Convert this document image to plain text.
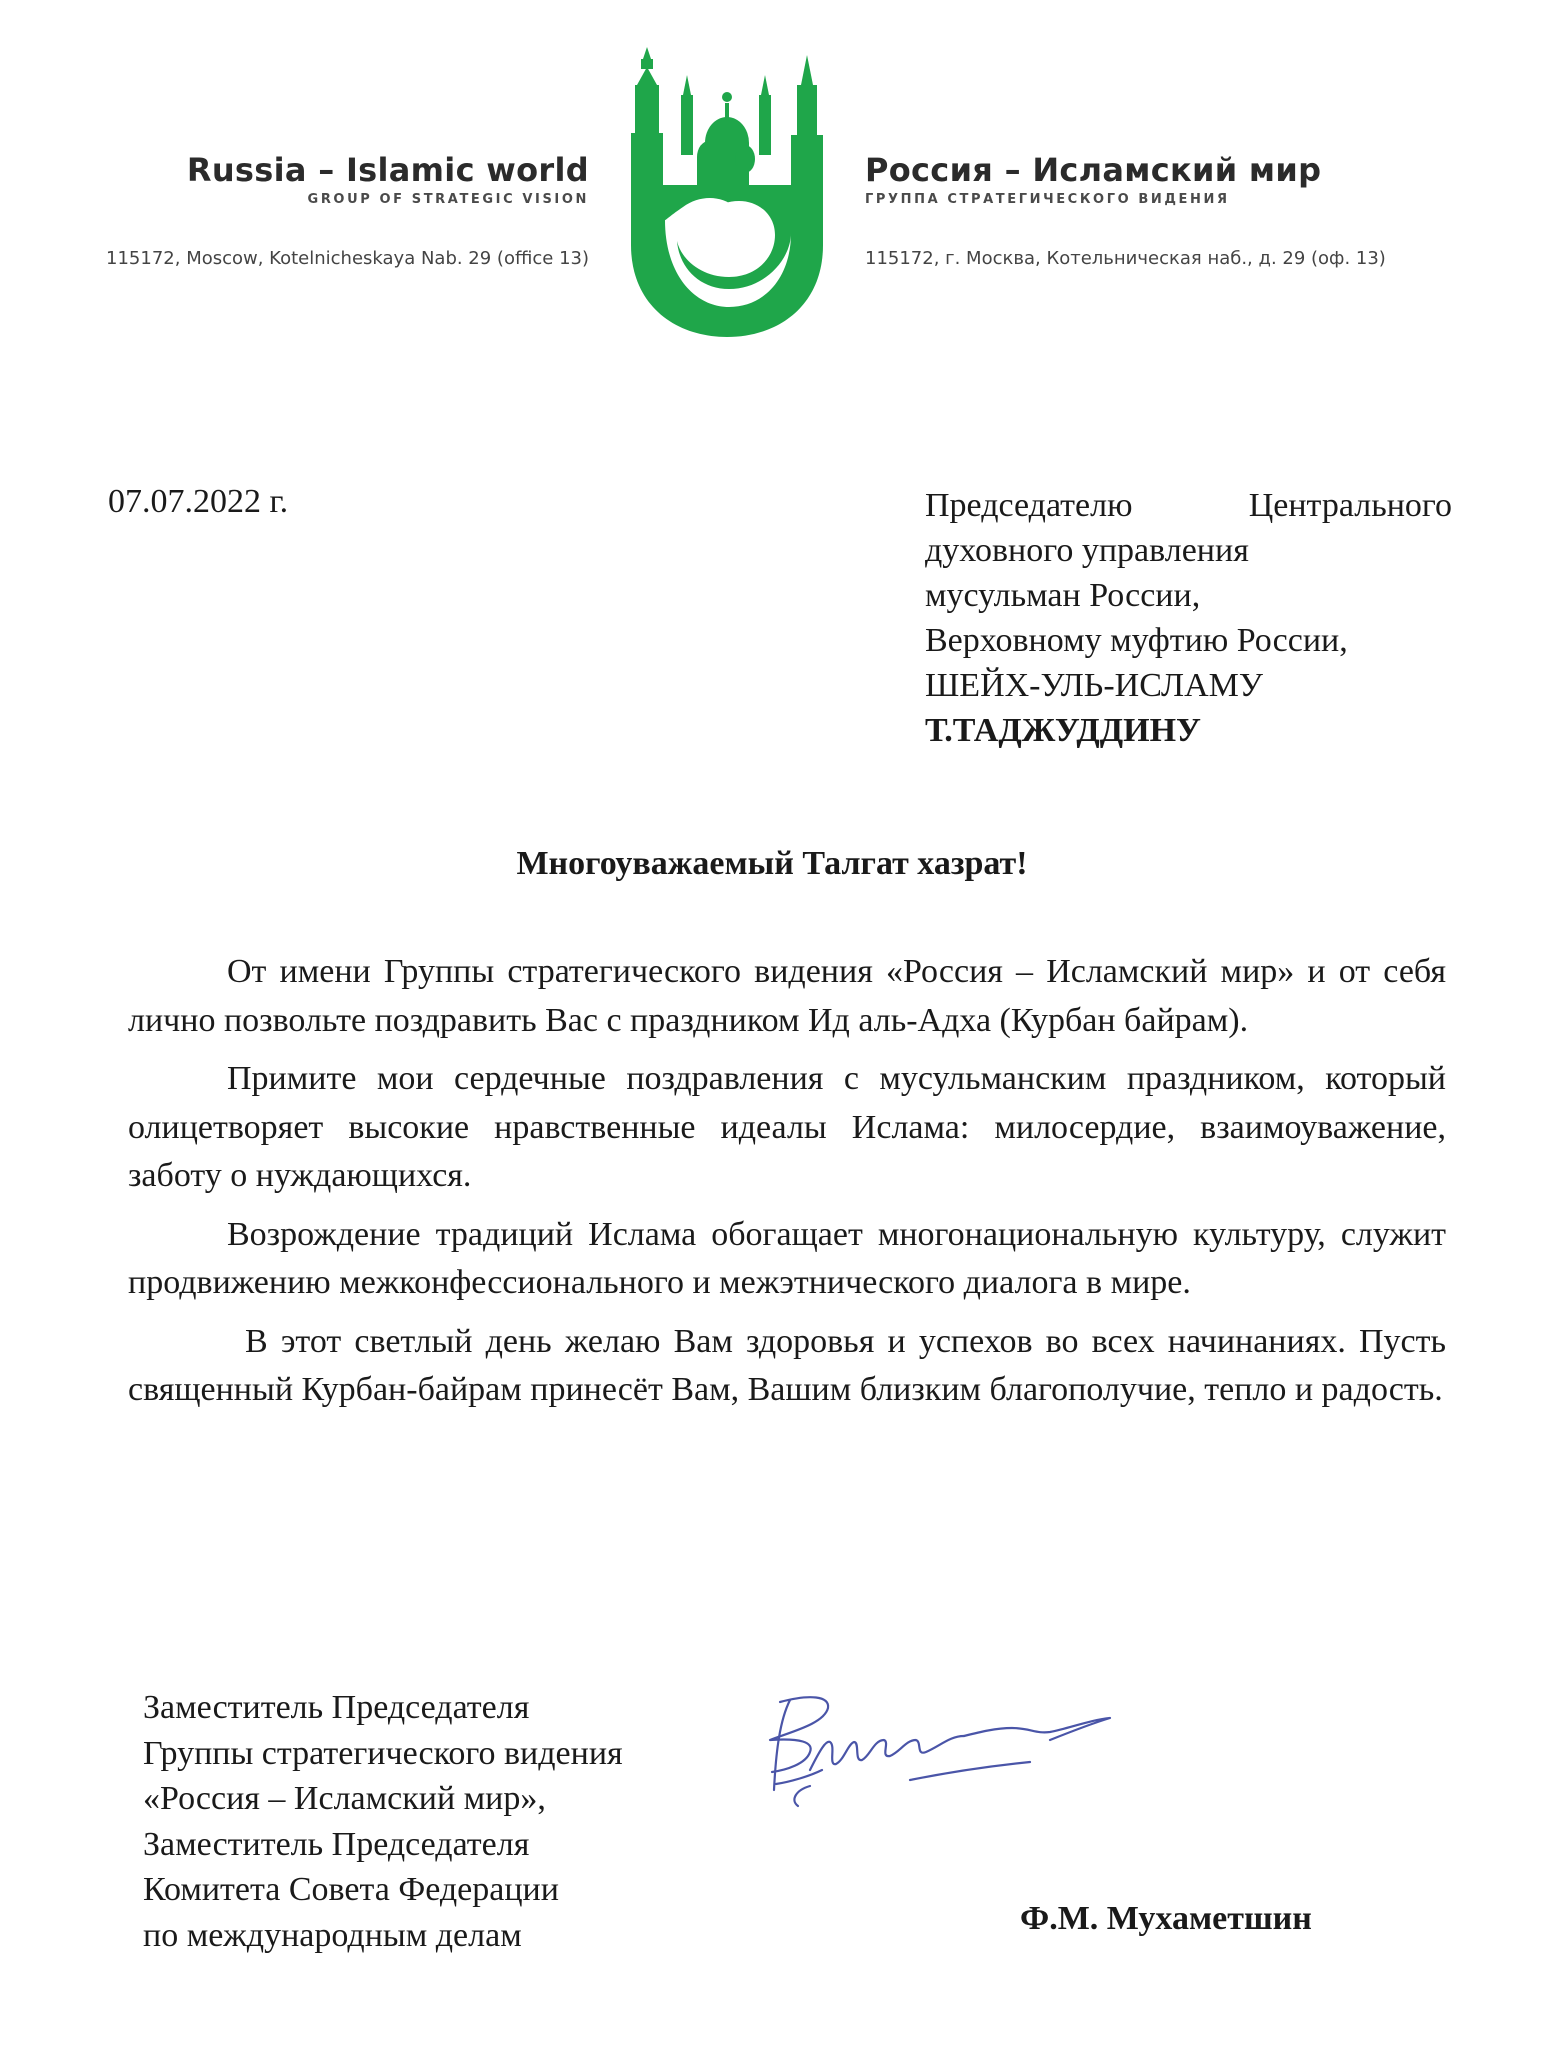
Russia – Islamic world
GROUP OF STRATEGIC VISION
115172, Moscow, Kotelnicheskaya Nab. 29 (office 13)
Россия – Исламский мир
ГРУППА СТРАТЕГИЧЕСКОГО ВИДЕНИЯ
115172, г. Москва, Котельническая наб., д. 29 (оф. 13)
07.07.2022 г.	Председателю	Центрального
духовного управления
мусульман России,
Верховному муфтию России,
ШЕЙХ-УЛЬ-ИСЛАМУ
Т.ТАДЖУДДИНУ
Многоуважаемый Талгат хазрат!

От имени Группы стратегического видения «Россия – Исламский мир» и от себя лично позвольте поздравить Вас с праздником Ид аль-Адха (Курбан байрам).

Примите мои сердечные поздравления с мусульманским праздником, который олицетворяет высокие нравственные идеалы Ислама: милосердие, взаимоуважение, заботу о нуждающихся.

Возрождение традиций Ислама обогащает многонациональную культуру, служит продвижению межконфессионального и межэтнического диалога в мире.

В этот светлый день желаю Вам здоровья и успехов во всех начинаниях. Пусть священный Курбан-байрам принесёт Вам, Вашим близким благополучие, тепло и радость.

Заместитель Председателя
Группы стратегического видения
«Россия – Исламский мир»,
Заместитель Председателя
Комитета Совета Федерации
по международным делам	Ф.М. Мухаметшин
